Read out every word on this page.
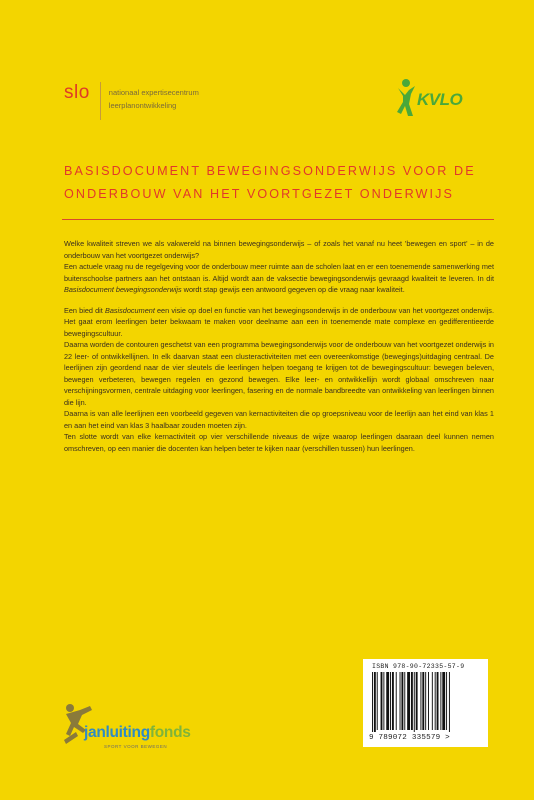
slo	nationaal expertisecentrum
leerplanontwikkeling	KVLO
BASISDOCUMENT BEWEGINGSONDERWIJS VOOR DE
ONDERBOUW VAN HET VOORTGEZET ONDERWIJS

Welke kwaliteit streven we als vakwereld na binnen bewegingsonderwijs – of zoals het vanaf nu heet 'bewegen en sport' – in de onderbouw van het voortgezet onderwijs?

Een actuele vraag nu de regelgeving voor de onderbouw meer ruimte aan de scholen laat en er een toenemende samenwerking met buitenschoolse partners aan het ontstaan is. Altijd wordt aan de vaksectie bewegingsonderwijs gevraagd kwaliteit te leveren. In dit Basisdocument bewegingsonderwijs wordt stap gewijs een antwoord gegeven op die vraag naar kwaliteit.

Een bied dit Basisdocument een visie op doel en functie van het bewegingsonderwijs in de onderbouw van het voortgezet onderwijs. Het gaat erom leerlingen beter bekwaam te maken voor deelname aan een in toenemende mate complexe en gedifferentieerde bewegingscultuur.

Daarna worden de contouren geschetst van een programma bewegingsonderwijs voor de onderbouw van het voortgezet onderwijs in 22 leer- of ontwikkellijnen. In elk daarvan staat een clusteractiviteiten met een overeenkomstige (bewegings)uitdaging centraal. De leerlijnen zijn geordend naar de vier sleutels die leerlingen helpen toegang te krijgen tot de bewegingscultuur: bewegen beleven, bewegen verbeteren, bewegen regelen en gezond bewegen. Elke leer- en ontwikkellijn wordt globaal omschreven naar verschijningsvormen, centrale uitdaging voor leerlingen, fasering en de normale bandbreedte van ontwikkeling van leerlingen binnen die lijn.

Daarna is van alle leerlijnen een voorbeeld gegeven van kernactiviteiten die op groepsniveau voor de leerlijn aan het eind van klas 1 en aan het eind van klas 3 haalbaar zouden moeten zijn.

Ten slotte wordt van elke kernactiviteit op vier verschillende niveaus de wijze waarop leerlingen daaraan deel kunnen nemen omschreven, op een manier die docenten kan helpen beter te kijken naar (verschillen tussen) hun leerlingen.

ISBN 978-90-72335-57-9
9 789072 335579 >
janluitingfonds
SPORT VOOR BEWEGEN
